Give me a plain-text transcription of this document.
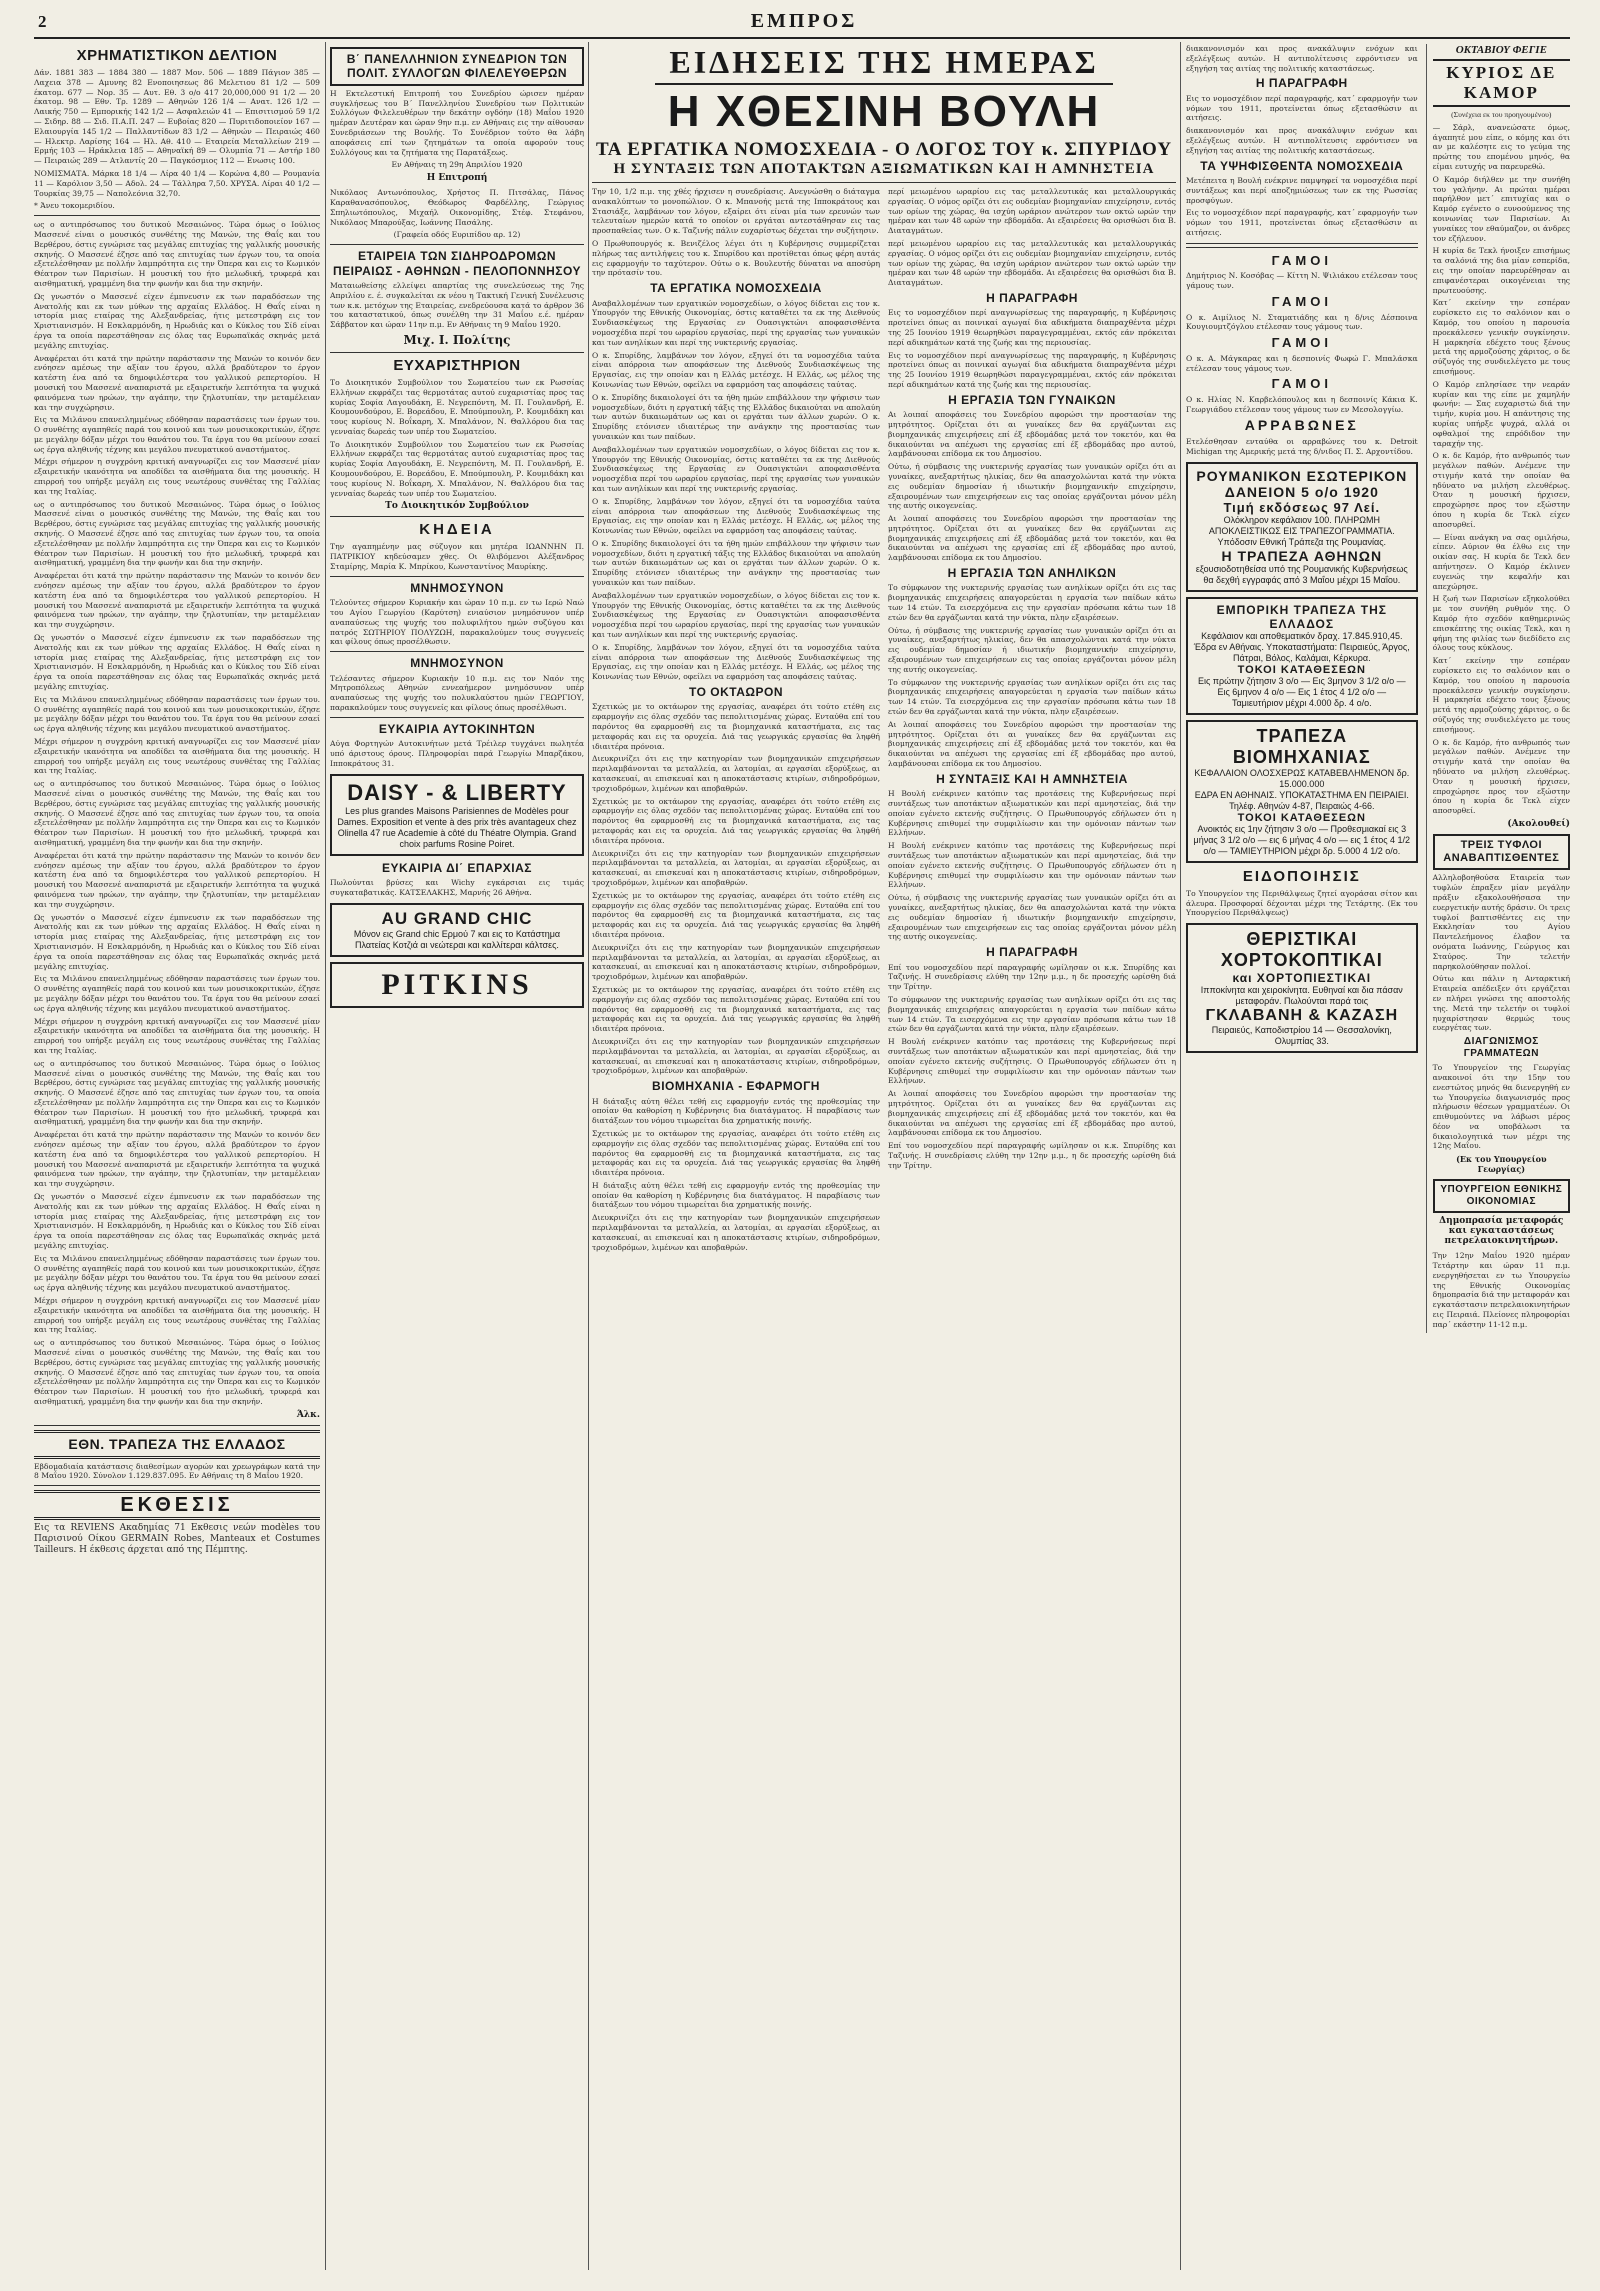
2	ΕΜΠΡΟΣ
ΧΡΗΜΑΤΙΣΤΙΚΟΝ ΔΕΛΤΙΟΝ

Δάν. 1881 383 — 1884 380 — 1887 Μον. 506 — 1889 Πάγιον 385 — Λαχεια 378 — Αμυνης 82 Ενοποιησεως 86 Μελετιου 81 1/2 — 509 έκατομ. 677 — Νορ. 35 — Αυτ. Εθ. 3 ο/ο 417 20,000,000 91 1/2 — 20 έκατομ. 98 — Εθν. Τρ. 1289 — Αθηνών 126 1/4 — Ανατ. 126 1/2 — Λαικής 750 — Εμπορικής 142 1/2 — Ασφαλειών 41 — Επισιτισμού 59 1/2 — Σιδηρ. 88 — Σιδ. Π.Α.Π. 247 — Ευβοίας 820 — Πυριτιδοποιείον 167 — Ελαιουργία 145 1/2 — Παλλαντίδων 83 1/2 — Αθηνών — Πειραιώς 460 — Ηλεκτρ. Λαρίσης 164 — Ηλ. Αθ. 410 — Εταιρεία Μεταλλείων 219 — Ερμής 103 — Ηράκλεια 185 — Αθηναϊκή 89 — Ολυμπία 71 — Αστήρ 180 — Πειραιώς 289 — Ατλαντίς 20 — Παγκόσμιος 112 — Ενωσις 100.

ΝΟΜΙΣΜΑΤΑ. Μάρκα 18 1/4 — Λίρα 40 1/4 — Κορώνα 4,80 — Ρουμανία 11 — Καρόλιον 3,50 — Αδολ. 24 — Τάλληρα 7,50. ΧΡΥΣΑ. Λίραι 40 1/2 — Τουρκίας 39,75 — Ναπολεόνια 32,70.

* Άνευ τοκομεριδίου.

ως ο αντιπρόσωπος του δυτικού Μεσαιώνος. Τώρα όμως ο Ιούλιος Μασσενέ είναι ο μουσικός συνθέτης της Μανών, της Θαΐς και του Βερθέρου, όστις εγνώρισε τας μεγάλας επιτυχίας της γαλλικής μουσικής σκηνής. Ο Μασσενέ έζησε από τας επιτυχίας των έργων του, τα οποία εξετελέσθησαν με πολλήν λαμπρότητα εις την Όπερα και εις το Κωμικόν Θέατρον των Παρισίων. Η μουσική του ήτο μελωδική, τρυφερά και αισθηματική, γραμμένη δια την φωνήν και δια την σκηνήν.

Ως γνωστόν ο Μασσενέ είχεν έμπνευσιν εκ των παραδόσεων της Ανατολής και εκ των μύθων της αρχαίας Ελλάδος. Η Θαΐς είναι η ιστορία μιας εταίρας της Αλεξανδρείας, ήτις μετεστράφη εις τον Χριστιανισμόν. Η Εσκλαρμόνδη, η Ηρωδιάς και ο Κύκλος του Σίδ είναι έργα τα οποία παρεστάθησαν εις όλας τας Ευρωπαϊκάς σκηνάς μετά μεγάλης επιτυχίας.

Αναφέρεται ότι κατά την πρώτην παράστασιν της Μανών το κοινόν δεν ενόησεν αμέσως την αξίαν του έργου, αλλά βραδύτερον το έργον κατέστη ένα από τα δημοφιλέστερα του γαλλικού ρεπερτορίου. Η μουσική του Μασσενέ αναπαριστά με εξαιρετικήν λεπτότητα τα ψυχικά φαινόμενα των ηρώων, την αγάπην, την ζηλοτυπίαν, την μεταμέλειαν και την συγχώρησιν.

Εις τα Μιλάνου επανειλημμένως εδόθησαν παραστάσεις των έργων του. Ο συνθέτης αγαπηθείς παρά του κοινού και των μουσικοκριτικών, έζησε με μεγάλην δόξαν μέχρι του θανάτου του. Τα έργα του θα μείνουν εσαεί ως έργα αληθινής τέχνης και μεγάλου πνευματικού αναστήματος.

Μέχρι σήμερον η συγχρόνη κριτική αναγνωρίζει εις τον Μασσενέ μίαν εξαιρετικήν ικανότητα να αποδίδει τα αισθήματα δια της μουσικής. Η επιρροή του υπήρξε μεγάλη εις τους νεωτέρους συνθέτας της Γαλλίας και της Ιταλίας.

ως ο αντιπρόσωπος του δυτικού Μεσαιώνος. Τώρα όμως ο Ιούλιος Μασσενέ είναι ο μουσικός συνθέτης της Μανών, της Θαΐς και του Βερθέρου, όστις εγνώρισε τας μεγάλας επιτυχίας της γαλλικής μουσικής σκηνής. Ο Μασσενέ έζησε από τας επιτυχίας των έργων του, τα οποία εξετελέσθησαν με πολλήν λαμπρότητα εις την Όπερα και εις το Κωμικόν Θέατρον των Παρισίων. Η μουσική του ήτο μελωδική, τρυφερά και αισθηματική, γραμμένη δια την φωνήν και δια την σκηνήν.

Αναφέρεται ότι κατά την πρώτην παράστασιν της Μανών το κοινόν δεν ενόησεν αμέσως την αξίαν του έργου, αλλά βραδύτερον το έργον κατέστη ένα από τα δημοφιλέστερα του γαλλικού ρεπερτορίου. Η μουσική του Μασσενέ αναπαριστά με εξαιρετικήν λεπτότητα τα ψυχικά φαινόμενα των ηρώων, την αγάπην, την ζηλοτυπίαν, την μεταμέλειαν και την συγχώρησιν.

Ως γνωστόν ο Μασσενέ είχεν έμπνευσιν εκ των παραδόσεων της Ανατολής και εκ των μύθων της αρχαίας Ελλάδος. Η Θαΐς είναι η ιστορία μιας εταίρας της Αλεξανδρείας, ήτις μετεστράφη εις τον Χριστιανισμόν. Η Εσκλαρμόνδη, η Ηρωδιάς και ο Κύκλος του Σίδ είναι έργα τα οποία παρεστάθησαν εις όλας τας Ευρωπαϊκάς σκηνάς μετά μεγάλης επιτυχίας.

Εις τα Μιλάνου επανειλημμένως εδόθησαν παραστάσεις των έργων του. Ο συνθέτης αγαπηθείς παρά του κοινού και των μουσικοκριτικών, έζησε με μεγάλην δόξαν μέχρι του θανάτου του. Τα έργα του θα μείνουν εσαεί ως έργα αληθινής τέχνης και μεγάλου πνευματικού αναστήματος.

Μέχρι σήμερον η συγχρόνη κριτική αναγνωρίζει εις τον Μασσενέ μίαν εξαιρετικήν ικανότητα να αποδίδει τα αισθήματα δια της μουσικής. Η επιρροή του υπήρξε μεγάλη εις τους νεωτέρους συνθέτας της Γαλλίας και της Ιταλίας.

ως ο αντιπρόσωπος του δυτικού Μεσαιώνος. Τώρα όμως ο Ιούλιος Μασσενέ είναι ο μουσικός συνθέτης της Μανών, της Θαΐς και του Βερθέρου, όστις εγνώρισε τας μεγάλας επιτυχίας της γαλλικής μουσικής σκηνής. Ο Μασσενέ έζησε από τας επιτυχίας των έργων του, τα οποία εξετελέσθησαν με πολλήν λαμπρότητα εις την Όπερα και εις το Κωμικόν Θέατρον των Παρισίων. Η μουσική του ήτο μελωδική, τρυφερά και αισθηματική, γραμμένη δια την φωνήν και δια την σκηνήν.

Αναφέρεται ότι κατά την πρώτην παράστασιν της Μανών το κοινόν δεν ενόησεν αμέσως την αξίαν του έργου, αλλά βραδύτερον το έργον κατέστη ένα από τα δημοφιλέστερα του γαλλικού ρεπερτορίου. Η μουσική του Μασσενέ αναπαριστά με εξαιρετικήν λεπτότητα τα ψυχικά φαινόμενα των ηρώων, την αγάπην, την ζηλοτυπίαν, την μεταμέλειαν και την συγχώρησιν.

Ως γνωστόν ο Μασσενέ είχεν έμπνευσιν εκ των παραδόσεων της Ανατολής και εκ των μύθων της αρχαίας Ελλάδος. Η Θαΐς είναι η ιστορία μιας εταίρας της Αλεξανδρείας, ήτις μετεστράφη εις τον Χριστιανισμόν. Η Εσκλαρμόνδη, η Ηρωδιάς και ο Κύκλος του Σίδ είναι έργα τα οποία παρεστάθησαν εις όλας τας Ευρωπαϊκάς σκηνάς μετά μεγάλης επιτυχίας.

Εις τα Μιλάνου επανειλημμένως εδόθησαν παραστάσεις των έργων του. Ο συνθέτης αγαπηθείς παρά του κοινού και των μουσικοκριτικών, έζησε με μεγάλην δόξαν μέχρι του θανάτου του. Τα έργα του θα μείνουν εσαεί ως έργα αληθινής τέχνης και μεγάλου πνευματικού αναστήματος.

Μέχρι σήμερον η συγχρόνη κριτική αναγνωρίζει εις τον Μασσενέ μίαν εξαιρετικήν ικανότητα να αποδίδει τα αισθήματα δια της μουσικής. Η επιρροή του υπήρξε μεγάλη εις τους νεωτέρους συνθέτας της Γαλλίας και της Ιταλίας.

ως ο αντιπρόσωπος του δυτικού Μεσαιώνος. Τώρα όμως ο Ιούλιος Μασσενέ είναι ο μουσικός συνθέτης της Μανών, της Θαΐς και του Βερθέρου, όστις εγνώρισε τας μεγάλας επιτυχίας της γαλλικής μουσικής σκηνής. Ο Μασσενέ έζησε από τας επιτυχίας των έργων του, τα οποία εξετελέσθησαν με πολλήν λαμπρότητα εις την Όπερα και εις το Κωμικόν Θέατρον των Παρισίων. Η μουσική του ήτο μελωδική, τρυφερά και αισθηματική, γραμμένη δια την φωνήν και δια την σκηνήν.

Αναφέρεται ότι κατά την πρώτην παράστασιν της Μανών το κοινόν δεν ενόησεν αμέσως την αξίαν του έργου, αλλά βραδύτερον το έργον κατέστη ένα από τα δημοφιλέστερα του γαλλικού ρεπερτορίου. Η μουσική του Μασσενέ αναπαριστά με εξαιρετικήν λεπτότητα τα ψυχικά φαινόμενα των ηρώων, την αγάπην, την ζηλοτυπίαν, την μεταμέλειαν και την συγχώρησιν.

Ως γνωστόν ο Μασσενέ είχεν έμπνευσιν εκ των παραδόσεων της Ανατολής και εκ των μύθων της αρχαίας Ελλάδος. Η Θαΐς είναι η ιστορία μιας εταίρας της Αλεξανδρείας, ήτις μετεστράφη εις τον Χριστιανισμόν. Η Εσκλαρμόνδη, η Ηρωδιάς και ο Κύκλος του Σίδ είναι έργα τα οποία παρεστάθησαν εις όλας τας Ευρωπαϊκάς σκηνάς μετά μεγάλης επιτυχίας.

Εις τα Μιλάνου επανειλημμένως εδόθησαν παραστάσεις των έργων του. Ο συνθέτης αγαπηθείς παρά του κοινού και των μουσικοκριτικών, έζησε με μεγάλην δόξαν μέχρι του θανάτου του. Τα έργα του θα μείνουν εσαεί ως έργα αληθινής τέχνης και μεγάλου πνευματικού αναστήματος.

Μέχρι σήμερον η συγχρόνη κριτική αναγνωρίζει εις τον Μασσενέ μίαν εξαιρετικήν ικανότητα να αποδίδει τα αισθήματα δια της μουσικής. Η επιρροή του υπήρξε μεγάλη εις τους νεωτέρους συνθέτας της Γαλλίας και της Ιταλίας.

ως ο αντιπρόσωπος του δυτικού Μεσαιώνος. Τώρα όμως ο Ιούλιος Μασσενέ είναι ο μουσικός συνθέτης της Μανών, της Θαΐς και του Βερθέρου, όστις εγνώρισε τας μεγάλας επιτυχίας της γαλλικής μουσικής σκηνής. Ο Μασσενέ έζησε από τας επιτυχίας των έργων του, τα οποία εξετελέσθησαν με πολλήν λαμπρότητα εις την Όπερα και εις το Κωμικόν Θέατρον των Παρισίων. Η μουσική του ήτο μελωδική, τρυφερά και αισθηματική, γραμμένη δια την φωνήν και δια την σκηνήν.

Άλκ.
ΕΘΝ. ΤΡΑΠΕΖΑ ΤΗΣ ΕΛΛΑΔΟΣ

Εβδομαδιαία κατάστασις διαθεσίμων αγορών και χρεωγράφων κατά την 8 Μαΐου 1920. Σύνολον 1.129.837.095. Εν Αθήναις τη 8 Μαΐου 1920.

ΕΚΘΕΣΙΣ

Εις τα REVIENS Ακαδημίας 71 Εκθεσις νεών modèles του Παρισινού Οίκου GERMAIN Robes, Manteaux et Costumes Tailleurs. Η έκθεσις άρχεται από της Πέμπτης.

Β΄ ΠΑΝΕΛΛΗΝΙΟΝ ΣΥΝΕΔΡΙΟΝ ΤΩΝ ΠΟΛΙΤ. ΣΥΛΛΟΓΩΝ ΦΙΛΕΛΕΥΘΕΡΩΝ

Η Εκτελεστική Επιτροπή του Συνεδρίου ώρισεν ημέραν συγκλήσεως του Β΄ Πανελληνίου Συνεδρίου των Πολιτικών Συλλόγων Φιλελευθέρων την δεκάτην ογδόην (18) Μαΐου 1920 ημέραν Δευτέραν και ώραν 9ην π.μ. εν Αθήναις εις την αίθουσαν Συνεδριάσεων της Βουλής. Το Συνέδριον τούτο θα λάβη αποφάσεις επί των ζητημάτων τα οποία αφορούν τους Συλλόγους και τα ζητήματα της Παρατάξεως.

Εν Αθήναις τη 29η Απριλίου 1920

Η Επιτροπή

Νικόλαος Αντωνόπουλος, Χρήστος Π. Πιτσάλας, Πάνος Καραθανασόπουλος, Θεόδωρος Φαρδέλλης, Γεώργιος Σπηλιωτόπουλος, Μιχαήλ Οικονομίδης, Στέφ. Στεφάνου, Νικόλαος Μπαρούξας, Ιωάννης Πασάλης.

(Γραφεία οδός Ευριπίδου αρ. 12)

ΕΤΑΙΡΕΙΑ ΤΩΝ ΣΙΔΗΡΟΔΡΟΜΩΝ ΠΕΙΡΑΙΩΣ - ΑΘΗΝΩΝ - ΠΕΛΟΠΟΝΝΗΣΟΥ

Ματαιωθείσης ελλείψει απαρτίας της συνελεύσεως της 7ης Απριλίου ε. έ. συγκαλείται εκ νέου η Τακτική Γενική Συνέλευσις των κ.κ. μετόχων της Εταιρείας, ενεδρεύουσα κατά το άρθρον 36 του καταστατικού, όπως συνέλθη την 31 Μαΐου ε.έ. ημέραν Σάββατον και ώραν 11ην π.μ. Εν Αθήναις τη 9 Μαΐου 1920.

Μιχ. Ι. Πολίτης
ΕΥΧΑΡΙΣΤΗΡΙΟΝ

Το Διοικητικόν Συμβούλιον του Σωματείου των εκ Ρωσσίας Ελλήνων εκφράζει τας θερμοτάτας αυτού ευχαριστίας προς τας κυρίας Σοφία Λαγουδάκη, Ε. Νεγρεπόντη, Μ. Π. Γουλανδρή, Ε. Κουμουνδούρου, Ε. Βορεάδου, Ε. Μπούμπουλη, Ρ. Κουμιδάκη και τους κυρίους Ν. Βοΐκαρη, Χ. Μπαλάνον, Ν. Θαλλόρου δια τας γενναίας δωρεάς των υπέρ του Σωματείου.

Το Διοικητικόν Συμβούλιον του Σωματείου των εκ Ρωσσίας Ελλήνων εκφράζει τας θερμοτάτας αυτού ευχαριστίας προς τας κυρίας Σοφία Λαγουδάκη, Ε. Νεγρεπόντη, Μ. Π. Γουλανδρή, Ε. Κουμουνδούρου, Ε. Βορεάδου, Ε. Μπούμπουλη, Ρ. Κουμιδάκη και τους κυρίους Ν. Βοΐκαρη, Χ. Μπαλάνον, Ν. Θαλλόρου δια τας γενναίας δωρεάς των υπέρ του Σωματείου.

Το Διοικητικόν Συμβούλιον
ΚΗΔΕΙΑ

Την αγαπημένην μας σύζυγον και μητέρα ΙΩΑΝΝΗΝ Π. ΠΑΤΡΙΚΙΟΥ κηδεύσαμεν χθες. Οι θλιβόμενοι Αλέξανδρος Σταμίρης, Μαρία Κ. Μπρίκου, Κωνσταντίνος Μαυρίκης.

ΜΝΗΜΟΣΥΝΟΝ

Τελούντες σήμερον Κυριακήν και ώραν 10 π.μ. εν τω Ιερώ Ναώ του Αγίου Γεωργίου (Καρύτση) ενιαύσιον μνημόσυνον υπέρ αναπαύσεως της ψυχής του πολυφιλήτου ημών συζύγου και πατρός ΣΩΤΗΡΙΟΥ ΠΟΛΥΖΩΗ, παρακαλούμεν τους συγγενείς και φίλους όπως προσέλθωσιν.

ΜΝΗΜΟΣΥΝΟΝ

Τελέσαντες σήμερον Κυριακήν 10 π.μ. εις τον Ναόν της Μητροπόλεως Αθηνών εννεαήμερον μνημόσυνον υπέρ αναπαύσεως της ψυχής του πολυκλαύστου ημών ΓΕΩΡΓΙΟΥ, παρακαλούμεν τους συγγενείς και φίλους όπως προσέλθωσι.

ΕΥΚΑΙΡΙΑ ΑΥΤΟΚΙΝΗΤΩΝ

Αύγα Φορτηγών Αυτοκινήτων μετά Τρέιλερ τυγχάνει πωλητέα υπό άριστους όρους. Πληροφορίαι παρά Γεωργίω Μπαρζάκου, Ιπποκράτους 31.

DAISY - & LIBERTY
Les plus grandes Maisons Parisiennes de Modèles pour Dames. Exposition et vente à des prix très avantageux chez Olinella 47 rue Academie à côté du Théatre Olympia. Grand choix parfums Rosine Poiret.
ΕΥΚΑΙΡΙΑ ΔΙ΄ ΕΠΑΡΧΙΑΣ

Πωλούνται βρύσες και Wichy εγκάρσιαι εις τιμάς συγκαταβατικάς. ΚΑΤΣΕΛΑΚΗΣ, Μαρνής 26 Αθήνα.

AU GRAND CHIC
Μόνον εις Grand chic Ερμού 7 και εις το Κατάστημα Πλατείας Κοτζιά αι νεώτεραι και καλλίτεραι κάλτσες.
PITKINS
ΕΙΔΗΣΕΙΣ ΤΗΣ ΗΜΕΡΑΣ
Η ΧΘΕΣΙΝΗ ΒΟΥΛΗ
ΤΑ ΕΡΓΑΤΙΚΑ ΝΟΜΟΣΧΕΔΙΑ - Ο ΛΟΓΟΣ ΤΟΥ κ. ΣΠΥΡΙΔΟΥ
Η ΣΥΝΤΑΞΙΣ ΤΩΝ ΑΠΟΤΑΚΤΩΝ ΑΞΙΩΜΑΤΙΚΩΝ ΚΑΙ Η ΑΜΝΗΣΤΕΙΑ

Την 10, 1/2 π.μ. της χθές ήρχισεν η συνεδρίασις. Ανεγνώσθη ο διάταγμα ανακαλύπτων το μονοπώλιον. Ο κ. Μπανοής μετά της Ιπποκράτους και Στασιάξε, λαμβάνων τον λόγον, εξαίρει ότι είναι μία των ερευνών των τελευταίων ημερών κατά το οποίον οι εργάται αντεστάθησαν εις τας προσπαθείας των. Ο κ. Ταζινής πάλιν ευχαρίστως δέχεται την συζήτησιν.

Ο Πρωθυπουργός κ. Βενιζέλος λέγει ότι η Κυβέρνησις συμμερίζεται πλήρως τας αντιλήψεις του κ. Σπυρίδου και προτίθεται όπως φέρη αυτάς εις εφαρμογήν το ταχύτερον. Ούτω ο κ. Βουλευτής δύναται να αποσύρη την πρότασίν του.

ΤΑ ΕΡΓΑΤΙΚΑ ΝΟΜΟΣΧΕΔΙΑ

Αναβαλλομένων των εργατικών νομοσχεδίων, ο λόγος δίδεται εις τον κ. Υπουργόν της Εθνικής Οικονομίας, όστις καταθέτει τα εκ της Διεθνούς Συνδιασκέψεως της Εργασίας εν Ουασιγκτώνι αποφασισθέντα νομοσχέδια περί του ωραρίου εργασίας, περί της εργασίας των γυναικών και των ανηλίκων και περί της νυκτερινής εργασίας.

Ο κ. Σπυρίδης, λαμβάνων τον λόγον, εξηγεί ότι τα νομοσχέδια ταύτα είναι απόρροια των αποφάσεων της Διεθνούς Συνδιασκέψεως της Εργασίας, εις την οποίαν και η Ελλάς μετέσχε. Η Ελλάς, ως μέλος της Κοινωνίας των Εθνών, οφείλει να εφαρμόση τας αποφάσεις ταύτας.

Ο κ. Σπυρίδης δικαιολογεί ότι τα ήθη ημών επιβάλλουν την ψήφισιν των νομοσχεδίων, διότι η εργατική τάξις της Ελλάδος δικαιούται να απολαύη των αυτών δικαιωμάτων ως και οι εργάται των άλλων χωρών. Ο κ. Σπυρίδης ετόνισεν ιδιαιτέρως την ανάγκην της προστασίας των γυναικών και των παίδων.

Αναβαλλομένων των εργατικών νομοσχεδίων, ο λόγος δίδεται εις τον κ. Υπουργόν της Εθνικής Οικονομίας, όστις καταθέτει τα εκ της Διεθνούς Συνδιασκέψεως της Εργασίας εν Ουασιγκτώνι αποφασισθέντα νομοσχέδια περί του ωραρίου εργασίας, περί της εργασίας των γυναικών και των ανηλίκων και περί της νυκτερινής εργασίας.

Ο κ. Σπυρίδης, λαμβάνων τον λόγον, εξηγεί ότι τα νομοσχέδια ταύτα είναι απόρροια των αποφάσεων της Διεθνούς Συνδιασκέψεως της Εργασίας, εις την οποίαν και η Ελλάς μετέσχε. Η Ελλάς, ως μέλος της Κοινωνίας των Εθνών, οφείλει να εφαρμόση τας αποφάσεις ταύτας.

Ο κ. Σπυρίδης δικαιολογεί ότι τα ήθη ημών επιβάλλουν την ψήφισιν των νομοσχεδίων, διότι η εργατική τάξις της Ελλάδος δικαιούται να απολαύη των αυτών δικαιωμάτων ως και οι εργάται των άλλων χωρών. Ο κ. Σπυρίδης ετόνισεν ιδιαιτέρως την ανάγκην της προστασίας των γυναικών και των παίδων.

Αναβαλλομένων των εργατικών νομοσχεδίων, ο λόγος δίδεται εις τον κ. Υπουργόν της Εθνικής Οικονομίας, όστις καταθέτει τα εκ της Διεθνούς Συνδιασκέψεως της Εργασίας εν Ουασιγκτώνι αποφασισθέντα νομοσχέδια περί του ωραρίου εργασίας, περί της εργασίας των γυναικών και των ανηλίκων και περί της νυκτερινής εργασίας.

Ο κ. Σπυρίδης, λαμβάνων τον λόγον, εξηγεί ότι τα νομοσχέδια ταύτα είναι απόρροια των αποφάσεων της Διεθνούς Συνδιασκέψεως της Εργασίας, εις την οποίαν και η Ελλάς μετέσχε. Η Ελλάς, ως μέλος της Κοινωνίας των Εθνών, οφείλει να εφαρμόση τας αποφάσεις ταύτας.

ΤΟ ΟΚΤΑΩΡΟΝ

Σχετικώς με το οκτάωρον της εργασίας, αναφέρει ότι τούτο ετέθη εις εφαρμογήν εις όλας σχεδόν τας πεπολιτισμένας χώρας. Ενταύθα επί του παρόντος θα εφαρμοσθή εις τα βιομηχανικά καταστήματα, εις τας μεταφοράς και εις τα ορυχεία. Διά τας γεωργικάς εργασίας θα ληφθή ιδιαιτέρα πρόνοια.

Διευκρινίζει ότι εις την κατηγορίαν των βιομηχανικών επιχειρήσεων περιλαμβάνονται τα μεταλλεία, αι λατομίαι, αι εργασίαι εξορύξεως, αι κατασκευαί, αι επισκευαί και η αποκατάστασις κτιρίων, σιδηροδρόμων, τροχιοδρόμων, λιμένων και αποβαθρών.

Σχετικώς με το οκτάωρον της εργασίας, αναφέρει ότι τούτο ετέθη εις εφαρμογήν εις όλας σχεδόν τας πεπολιτισμένας χώρας. Ενταύθα επί του παρόντος θα εφαρμοσθή εις τα βιομηχανικά καταστήματα, εις τας μεταφοράς και εις τα ορυχεία. Διά τας γεωργικάς εργασίας θα ληφθή ιδιαιτέρα πρόνοια.

Διευκρινίζει ότι εις την κατηγορίαν των βιομηχανικών επιχειρήσεων περιλαμβάνονται τα μεταλλεία, αι λατομίαι, αι εργασίαι εξορύξεως, αι κατασκευαί, αι επισκευαί και η αποκατάστασις κτιρίων, σιδηροδρόμων, τροχιοδρόμων, λιμένων και αποβαθρών.

Σχετικώς με το οκτάωρον της εργασίας, αναφέρει ότι τούτο ετέθη εις εφαρμογήν εις όλας σχεδόν τας πεπολιτισμένας χώρας. Ενταύθα επί του παρόντος θα εφαρμοσθή εις τα βιομηχανικά καταστήματα, εις τας μεταφοράς και εις τα ορυχεία. Διά τας γεωργικάς εργασίας θα ληφθή ιδιαιτέρα πρόνοια.

Διευκρινίζει ότι εις την κατηγορίαν των βιομηχανικών επιχειρήσεων περιλαμβάνονται τα μεταλλεία, αι λατομίαι, αι εργασίαι εξορύξεως, αι κατασκευαί, αι επισκευαί και η αποκατάστασις κτιρίων, σιδηροδρόμων, τροχιοδρόμων, λιμένων και αποβαθρών.

Σχετικώς με το οκτάωρον της εργασίας, αναφέρει ότι τούτο ετέθη εις εφαρμογήν εις όλας σχεδόν τας πεπολιτισμένας χώρας. Ενταύθα επί του παρόντος θα εφαρμοσθή εις τα βιομηχανικά καταστήματα, εις τας μεταφοράς και εις τα ορυχεία. Διά τας γεωργικάς εργασίας θα ληφθή ιδιαιτέρα πρόνοια.

Διευκρινίζει ότι εις την κατηγορίαν των βιομηχανικών επιχειρήσεων περιλαμβάνονται τα μεταλλεία, αι λατομίαι, αι εργασίαι εξορύξεως, αι κατασκευαί, αι επισκευαί και η αποκατάστασις κτιρίων, σιδηροδρόμων, τροχιοδρόμων, λιμένων και αποβαθρών.

ΒΙΟΜΗΧΑΝΙΑ - ΕΦΑΡΜΟΓΗ

Η διάταξις αύτη θέλει τεθή εις εφαρμογήν εντός της προθεσμίας την οποίαν θα καθορίση η Κυβέρνησις δια διατάγματος. Η παραβίασις των διατάξεων του νόμου τιμωρείται δια χρηματικής ποινής.

Σχετικώς με το οκτάωρον της εργασίας, αναφέρει ότι τούτο ετέθη εις εφαρμογήν εις όλας σχεδόν τας πεπολιτισμένας χώρας. Ενταύθα επί του παρόντος θα εφαρμοσθή εις τα βιομηχανικά καταστήματα, εις τας μεταφοράς και εις τα ορυχεία. Διά τας γεωργικάς εργασίας θα ληφθή ιδιαιτέρα πρόνοια.

Η διάταξις αύτη θέλει τεθή εις εφαρμογήν εντός της προθεσμίας την οποίαν θα καθορίση η Κυβέρνησις δια διατάγματος. Η παραβίασις των διατάξεων του νόμου τιμωρείται δια χρηματικής ποινής.

Διευκρινίζει ότι εις την κατηγορίαν των βιομηχανικών επιχειρήσεων περιλαμβάνονται τα μεταλλεία, αι λατομίαι, αι εργασίαι εξορύξεως, αι κατασκευαί, αι επισκευαί και η αποκατάστασις κτιρίων, σιδηροδρόμων, τροχιοδρόμων, λιμένων και αποβαθρών.

περί μειωμένου ωραρίου εις τας μεταλλευτικάς και μεταλλουργικάς εργασίας. Ο νόμος ορίζει ότι εις ουδεμίαν βιομηχανίαν επιχείρησιν, εντός των ορίων της χώρας, θα ισχύη ωράριον ανώτερον των οκτώ ωρών την ημέραν και των 48 ωρών την εβδομάδα. Αι εξαιρέσεις θα ορισθώσι δια Β. Διαταγμάτων.

περί μειωμένου ωραρίου εις τας μεταλλευτικάς και μεταλλουργικάς εργασίας. Ο νόμος ορίζει ότι εις ουδεμίαν βιομηχανίαν επιχείρησιν, εντός των ορίων της χώρας, θα ισχύη ωράριον ανώτερον των οκτώ ωρών την ημέραν και των 48 ωρών την εβδομάδα. Αι εξαιρέσεις θα ορισθώσι δια Β. Διαταγμάτων.

Η ΠΑΡΑΓΡΑΦΗ

Εις το νομοσχέδιον περί αναγνωρίσεως της παραγραφής, η Κυβέρνησις προτείνει όπως αι ποινικαί αγωγαί δια αδικήματα διαπραχθέντα μέχρι της 25 Ιουνίου 1919 θεωρηθώσι παραγεγραμμέναι, εκτός εάν πρόκειται περί αδικημάτων κατά της ζωής και της περιουσίας.

Εις το νομοσχέδιον περί αναγνωρίσεως της παραγραφής, η Κυβέρνησις προτείνει όπως αι ποινικαί αγωγαί δια αδικήματα διαπραχθέντα μέχρι της 25 Ιουνίου 1919 θεωρηθώσι παραγεγραμμέναι, εκτός εάν πρόκειται περί αδικημάτων κατά της ζωής και της περιουσίας.

Η ΕΡΓΑΣΙΑ ΤΩΝ ΓΥΝΑΙΚΩΝ

Αι λοιπαί αποφάσεις του Συνεδρίου αφορώσι την προστασίαν της μητρότητος. Ορίζεται ότι αι γυναίκες δεν θα εργάζωνται εις βιομηχανικάς επιχειρήσεις επί έξ εβδομάδας μετά τον τοκετόν, και θα δικαιούνται να απέχωσι της εργασίας επί έξ εβδομάδας προ αυτού, λαμβάνουσαι επίδομα εκ του Δημοσίου.

Ούτω, ή σύμβασις της νυκτερινής εργασίας των γυναικών ορίζει ότι αι γυναίκες, ανεξαρτήτως ηλικίας, δεν θα απασχολώνται κατά την νύκτα εις ουδεμίαν δημοσίαν ή ιδιωτικήν βιομηχανικήν επιχείρησιν, εξαιρουμένων των επιχειρήσεων εις τας οποίας εργάζονται μόνον μέλη της αυτής οικογενείας.

Αι λοιπαί αποφάσεις του Συνεδρίου αφορώσι την προστασίαν της μητρότητος. Ορίζεται ότι αι γυναίκες δεν θα εργάζωνται εις βιομηχανικάς επιχειρήσεις επί έξ εβδομάδας μετά τον τοκετόν, και θα δικαιούνται να απέχωσι της εργασίας επί έξ εβδομάδας προ αυτού, λαμβάνουσαι επίδομα εκ του Δημοσίου.

Η ΕΡΓΑΣΙΑ ΤΩΝ ΑΝΗΛΙΚΩΝ

Το σύμφωνον της νυκτερινής εργασίας των ανηλίκων ορίζει ότι εις τας βιομηχανικάς επιχειρήσεις απαγορεύεται η εργασία των παίδων κάτω των 14 ετών. Τα εισερχόμενα εις την εργασίαν πρόσωπα κάτω των 18 ετών δεν θα εργάζωνται κατά την νύκτα, πλην εξαιρέσεων.

Ούτω, ή σύμβασις της νυκτερινής εργασίας των γυναικών ορίζει ότι αι γυναίκες, ανεξαρτήτως ηλικίας, δεν θα απασχολώνται κατά την νύκτα εις ουδεμίαν δημοσίαν ή ιδιωτικήν βιομηχανικήν επιχείρησιν, εξαιρουμένων των επιχειρήσεων εις τας οποίας εργάζονται μόνον μέλη της αυτής οικογενείας.

Το σύμφωνον της νυκτερινής εργασίας των ανηλίκων ορίζει ότι εις τας βιομηχανικάς επιχειρήσεις απαγορεύεται η εργασία των παίδων κάτω των 14 ετών. Τα εισερχόμενα εις την εργασίαν πρόσωπα κάτω των 18 ετών δεν θα εργάζωνται κατά την νύκτα, πλην εξαιρέσεων.

Αι λοιπαί αποφάσεις του Συνεδρίου αφορώσι την προστασίαν της μητρότητος. Ορίζεται ότι αι γυναίκες δεν θα εργάζωνται εις βιομηχανικάς επιχειρήσεις επί έξ εβδομάδας μετά τον τοκετόν, και θα δικαιούνται να απέχωσι της εργασίας επί έξ εβδομάδας προ αυτού, λαμβάνουσαι επίδομα εκ του Δημοσίου.

Η ΣΥΝΤΑΞΙΣ ΚΑΙ Η ΑΜΝΗΣΤΕΙΑ

Η Βουλή ενέκρινεν κατόπιν τας προτάσεις της Κυβερνήσεως περί συντάξεως των αποτάκτων αξιωματικών και περί αμνηστείας, διά την οποίαν εγένετο εκτενής συζήτησις. Ο Πρωθυπουργός εδήλωσεν ότι η Κυβέρνησις επιθυμεί την συμφιλίωσιν και την ομόνοιαν πάντων των Ελλήνων.

Η Βουλή ενέκρινεν κατόπιν τας προτάσεις της Κυβερνήσεως περί συντάξεως των αποτάκτων αξιωματικών και περί αμνηστείας, διά την οποίαν εγένετο εκτενής συζήτησις. Ο Πρωθυπουργός εδήλωσεν ότι η Κυβέρνησις επιθυμεί την συμφιλίωσιν και την ομόνοιαν πάντων των Ελλήνων.

Ούτω, ή σύμβασις της νυκτερινής εργασίας των γυναικών ορίζει ότι αι γυναίκες, ανεξαρτήτως ηλικίας, δεν θα απασχολώνται κατά την νύκτα εις ουδεμίαν δημοσίαν ή ιδιωτικήν βιομηχανικήν επιχείρησιν, εξαιρουμένων των επιχειρήσεων εις τας οποίας εργάζονται μόνον μέλη της αυτής οικογενείας.

Η ΠΑΡΑΓΡΑΦΗ

Επί του νομοσχεδίου περί παραγραφής ωμίλησαν οι κ.κ. Σπυρίδης και Ταζινής. Η συνεδρίασις ελύθη την 12ην μ.μ., η δε προσεχής ωρίσθη διά την Τρίτην.

Το σύμφωνον της νυκτερινής εργασίας των ανηλίκων ορίζει ότι εις τας βιομηχανικάς επιχειρήσεις απαγορεύεται η εργασία των παίδων κάτω των 14 ετών. Τα εισερχόμενα εις την εργασίαν πρόσωπα κάτω των 18 ετών δεν θα εργάζωνται κατά την νύκτα, πλην εξαιρέσεων.

Η Βουλή ενέκρινεν κατόπιν τας προτάσεις της Κυβερνήσεως περί συντάξεως των αποτάκτων αξιωματικών και περί αμνηστείας, διά την οποίαν εγένετο εκτενής συζήτησις. Ο Πρωθυπουργός εδήλωσεν ότι η Κυβέρνησις επιθυμεί την συμφιλίωσιν και την ομόνοιαν πάντων των Ελλήνων.

Αι λοιπαί αποφάσεις του Συνεδρίου αφορώσι την προστασίαν της μητρότητος. Ορίζεται ότι αι γυναίκες δεν θα εργάζωνται εις βιομηχανικάς επιχειρήσεις επί έξ εβδομάδας μετά τον τοκετόν, και θα δικαιούνται να απέχωσι της εργασίας επί έξ εβδομάδας προ αυτού, λαμβάνουσαι επίδομα εκ του Δημοσίου.

Επί του νομοσχεδίου περί παραγραφής ωμίλησαν οι κ.κ. Σπυρίδης και Ταζινής. Η συνεδρίασις ελύθη την 12ην μ.μ., η δε προσεχής ωρίσθη διά την Τρίτην.

διακανονισμόν και προς ανακάλυψιν ενόχων και εξελέγξεως αυτών. Η αντιπολίτευσις εφρόντισεν να εξηγήση τας αιτίας της πολιτικής καταστάσεως.

Η ΠΑΡΑΓΡΑΦΗ

Εις το νομοσχέδιον περί παραγραφής, κατ΄ εφαρμογήν των νόμων του 1911, προτείνεται όπως εξετασθώσιν αι αιτήσεις.

διακανονισμόν και προς ανακάλυψιν ενόχων και εξελέγξεως αυτών. Η αντιπολίτευσις εφρόντισεν να εξηγήση τας αιτίας της πολιτικής καταστάσεως.

ΤΑ ΥΨΗΦΙΣΘΕΝΤΑ ΝΟΜΟΣΧΕΔΙΑ

Μετέπειτα η Βουλή ενέκρινε παμψηφεί τα νομοσχέδια περί συντάξεως και περί αποζημιώσεως των εκ της Ρωσσίας προσφύγων.

Εις το νομοσχέδιον περί παραγραφής, κατ΄ εφαρμογήν των νόμων του 1911, προτείνεται όπως εξετασθώσιν αι αιτήσεις.

ΓΑΜΟΙ

Δημήτριος Ν. Κοσόβας — Κίττη Ν. Ψιλιάκου ετέλεσαν τους γάμους των.

ΓΑΜΟΙ

Ο κ. Αιμίλιος Ν. Σταματιάδης και η δ/νις Δέσποινα Κουγιουμτζόγλου ετέλεσαν τους γάμους των.

ΓΑΜΟΙ

Ο κ. Α. Μάγκαρας και η δεσποινίς Φωφώ Γ. Μπαλάσκα ετέλεσαν τους γάμους των.

ΓΑΜΟΙ

Ο κ. Ηλίας Ν. Καρβελόπουλος και η δεσποινίς Κάκια Κ. Γεωργιάδου ετέλεσαν τους γάμους των εν Μεσολογγίω.

ΑΡΡΑΒΩΝΕΣ

Ετελέσθησαν ενταύθα οι αρραβώνες του κ. Detroit Michigan της Αμερικής μετά της δ/νιδος Π. Σ. Αρχοντίδου.

ΡΟΥΜΑΝΙΚΟΝ ΕΣΩΤΕΡΙΚΟΝ ΔΑΝΕΙΟΝ 5 ο/ο 1920
Τιμή εκδόσεως 97 Λεί.
Ολόκληρον κεφάλαιον 100. ΠΛΗΡΩΜΗ ΑΠΟΚΛΕΙΣΤΙΚΩΣ ΕΙΣ ΤΡΑΠΕΖΟΓΡΑΜΜΑΤΙΑ. Υπόδοσιν Εθνική Τράπεζα της Ρουμανίας.
Η ΤΡΑΠΕΖΑ ΑΘΗΝΩΝ
εξουσιοδοτηθείσα υπό της Ρουμανικής Κυβερνήσεως θα δεχθή εγγραφάς από 3 Μαΐου μέχρι 15 Μαΐου.
ΕΜΠΟΡΙΚΗ ΤΡΑΠΕΖΑ ΤΗΣ ΕΛΛΑΔΟΣ
Κεφάλαιον και αποθεματικόν δραχ. 17.845.910,45. Έδρα εν Αθήναις. Υποκαταστήματα: Πειραιεύς, Άργος, Πάτραι, Βόλος, Καλάμαι, Κέρκυρα.
ΤΟΚΟΙ ΚΑΤΑΘΕΣΕΩΝ
Εις πρώτην ζήτησιν 3 ο/ο — Εις 3μηνον 3 1/2 ο/ο — Εις 6μηνον 4 ο/ο — Εις 1 έτος 4 1/2 ο/ο — Ταμιευτήριον μέχρι 4.000 δρ. 4 ο/ο.
ΤΡΑΠΕΖΑ ΒΙΟΜΗΧΑΝΙΑΣ
ΚΕΦΑΛΑΙΟΝ ΟΛΟΣΧΕΡΩΣ ΚΑΤΑΒΕΒΛΗΜΕΝΟΝ δρ. 15.000.000
ΕΔΡΑ ΕΝ ΑΘΗΝΑΙΣ. ΥΠΟΚΑΤΑΣΤΗΜΑ ΕΝ ΠΕΙΡΑΙΕΙ. Τηλέφ. Αθηνών 4-87, Πειραιώς 4-66.
ΤΟΚΟΙ ΚΑΤΑΘΕΣΕΩΝ
Ανοικτός εις 1ην ζήτησιν 3 ο/ο — Προθεσμιακαί εις 3 μήνας 3 1/2 ο/ο — εις 6 μήνας 4 ο/ο — εις 1 έτος 4 1/2 ο/ο — ΤΑΜΙΕΥΤΗΡΙΟΝ μέχρι δρ. 5.000 4 1/2 ο/ο.
ΕΙΔΟΠΟΙΗΣΙΣ

Το Υπουργείον της Περιθάλψεως ζητεί αγοράσαι σίτον και άλευρα. Προσφοραί δέχονται μέχρι της Τετάρτης. (Εκ του Υπουργείου Περιθάλψεως)

ΘΕΡΙΣΤΙΚΑΙ ΧΟΡΤΟΚΟΠΤΙΚΑΙ
και ΧΟΡΤΟΠΙΕΣΤΙΚΑΙ
Ιπποκίνητα και χειροκίνητα. Ευθηναί και δια πάσαν μεταφοράν. Πωλούνται παρά τοις
ΓΚΛΑΒΑΝΗ & ΚΑΖΑΣΗ
Πειραιεύς, Καποδιστρίου 14 — Θεσσαλονίκη, Ολυμπίας 33.
ΟΚΤΑΒΙΟΥ ΦΕΓΙΕ
ΚΥΡΙΟΣ ΔΕ ΚΑΜΟΡ
(Συνέχεια εκ του προηγουμένου)

— Σάρλ, ανανεώσατε όμως, άγαπητέ μου είπε, ο κόμης και ότι αν με καλέσητε εις το γεύμα της πρώτης του επομένου μηνός, θα είμαι ευτυχής να παρευρεθώ.

Ο Καμόρ διήλθεν με την συνήθη του γαλήνην. Αι πρώται ημέραι παρήλθον μετ΄ επιτυχίας και ο Καμόρ εγένετο ο ευνοούμενος της κοινωνίας των Παρισίων. Αι γυναίκες τον εθαύμαζον, οι άνδρες τον εζήλευον.

Η κυρία δε Τεκλ ήνοιξεν επισήμως τα σαλόνιά της δια μίαν εσπερίδα, εις την οποίαν παρευρέθησαν αι επιφανέστεραι οικογένειαι της πρωτευούσης.

Κατ΄ εκείνην την εσπέραν ευρίσκετο εις το σαλόνιον και ο Καμόρ, του οποίου η παρουσία προεκάλεσεν γενικήν συγκίνησιν. Η μαρκησία εδέχετο τους ξένους μετά της αρμοζούσης χάριτος, ο δε σύζυγός της συνδιελέγετο με τους επισήμους.

Ο Καμόρ επλησίασε την νεαράν κυρίαν και της είπε με χαμηλήν φωνήν: — Σας ευχαριστώ διά την τιμήν, κυρία μου. Η απάντησις της κυρίας υπήρξε ψυχρά, αλλά οι οφθαλμοί της επρόδιδον την ταραχήν της.

Ο κ. δε Καμόρ, ήτο ανθρωπός των μεγάλων παθών. Ανέμενε την στιγμήν κατά την οποίαν θα ηδύνατο να μιλήση ελευθέρως. Όταν η μουσική ήρχισεν, επροχώρησε προς τον εξώστην όπου η κυρία δε Τεκλ είχεν αποσυρθεί.

— Είναι ανάγκη να σας ομιλήσω, είπεν. Αύριον θα έλθω εις την οικίαν σας. Η κυρία δε Τεκλ δεν απήντησεν. Ο Καμόρ έκλινεν ευγενώς την κεφαλήν και απεχώρησε.

Η ζωή των Παρισίων εξηκολούθει με τον συνήθη ρυθμόν της. Ο Καμόρ ήτο σχεδόν καθημερινώς επισκέπτης της οικίας Τεκλ, και η φήμη της φιλίας των διεδίδετο εις όλους τους κύκλους.

Κατ΄ εκείνην την εσπέραν ευρίσκετο εις το σαλόνιον και ο Καμόρ, του οποίου η παρουσία προεκάλεσεν γενικήν συγκίνησιν. Η μαρκησία εδέχετο τους ξένους μετά της αρμοζούσης χάριτος, ο δε σύζυγός της συνδιελέγετο με τους επισήμους.

Ο κ. δε Καμόρ, ήτο ανθρωπός των μεγάλων παθών. Ανέμενε την στιγμήν κατά την οποίαν θα ηδύνατο να μιλήση ελευθέρως. Όταν η μουσική ήρχισεν, επροχώρησε προς τον εξώστην όπου η κυρία δε Τεκλ είχεν αποσυρθεί.

(Ακολουθεί)
ΤΡΕΙΣ ΤΥΦΛΟΙ ΑΝΑΒΑΠΤΙΣΘΕΝΤΕΣ

Αλληλοβοηθούσα Εταιρεία των τυφλών έπραξεν μίαν μεγάλην πράξιν εξακολουθήσασα την ευεργετικήν αυτής δράσιν. Οι τρεις τυφλοί βαπτισθέντες εις την Εκκλησίαν του Αγίου Παντελεήμονος έλαβον τα ονόματα Ιωάννης, Γεώργιος και Σταύρος. Την τελετήν παρηκολούθησαν πολλοί.

Ούτω και πάλιν η Ανταρκτική Εταιρεία απέδειξεν ότι εργάζεται εν πλήρει γνώσει της αποστολής της. Μετά την τελετήν οι τυφλοί ηυχαρίστησαν θερμώς τους ευεργέτας των.

ΔΙΑΓΩΝΙΣΜΟΣ ΓΡΑΜΜΑΤΕΩΝ

Το Υπουργείον της Γεωργίας ανακοινοί ότι την 15ην του ενεστώτος μηνός θα διενεργηθή εν τω Υπουργείω διαγωνισμός προς πλήρωσιν θέσεων γραμματέων. Οι επιθυμούντες να λάβωσι μέρος δέον να υποβάλωσι τα δικαιολογητικά των μέχρι της 12ης Μαΐου.

(Εκ του Υπουργείου Γεωργίας)
ΥΠΟΥΡΓΕΙΟΝ ΕΘΝΙΚΗΣ ΟΙΚΟΝΟΜΙΑΣ
Δημοπρασία μεταφοράς και εγκαταστάσεως πετρελαιοκινητήρων.

Την 12ην Μαΐου 1920 ημέραν Τετάρτην και ώραν 11 π.μ. ενεργηθήσεται εν τω Υπουργείω της Εθνικής Οικονομίας δημοπρασία διά την μεταφοράν και εγκατάστασιν πετρελαιοκινητήρων εις Πειραιά. Πλείονες πληροφορίαι παρ΄ εκάστην 11-12 π.μ.
